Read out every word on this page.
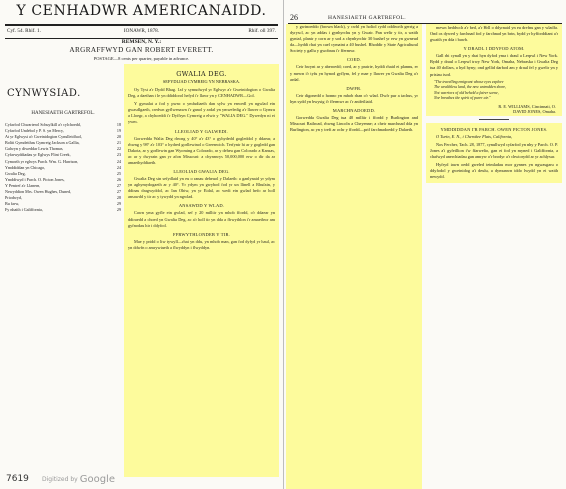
Y CENHADWR AMERICANAIDD.
Cyf. 54. Rhif. 1.	IONAWR, 1878.	Rhif. oll 397.
REMSEN, N. Y.:
ARGRAFFWYD GAN ROBERT EVERETT.
POSTAGE—8 cents per quarter, payable in advance.
CYNWYSIAD.
HANESIAETH GARTREFOL.
Cyfarfod Chwarterol Schuylkill a'r cylchoedd,	18
Cyfarfod Undebol y P. S. yn Mercy,	19
At yr Eglwysi a'r Gweinidogion Cynulleidfaol,	20
Boliti Gymdeithas Gymreig Jackson a Gallia,	21
Galwyn y diweddar Lewis Thomas,	22
Cyfarwyddiadau yr Eglwys Flint Creek,	23
Cymorth yr eglwys Parch. Wm. G. Harrison,	24
Ymddiddan yn Chicago,	24
Gwalia Deg,	25
Ymddiwyd i Parch. O. Picton Jones,	26
Y Pentref a'r Llanern,	27
Newyddion Mrs. Owen Hughes, Duned,	27
Priodwyd,	28
Bu farw,	29
Fy nhaith i Galiffornia,	29
GWALIA DEG.
SEFYDLIAD CYMREIG YN NEBRASKA.
Oy Tyst a'r Dydd Bhag. 1af y symudwyd yr Eglwyr a'r Gweinidogion o Gwalia Deg, a daethan i le yn ddiddorol hefyd i'r llawr yn y CENHADWR—Gol.
Y gymalat a fod y pwnc o ymfudiaeth dan sylw yn enwedl yn ngwlad ein gwasdlgaeth, credwn gyflwenawn i'r ganol y ardal yn ymweledig a'r llawer o Gymru a Lloegr, a chyhoeddi i'r Dyffryn Cymreig a elwir y "WALIA DEG." Dywedyn ni ei ywm.
LLEOLIAD Y GALWEDI.
Gorwedda Walia Deg rhwng y 40° a'r 43° o gyhydedd gogleddol y ddaear, a rhwng y 98° a'r 103° o hydred gorllewinol o Greenwich. Terfynir hi ar y gogledd gan Dakota, ar y gorllewin gan Wyoming a Colorado, ar y deheu gan Colorado a Kansas, ac ar y dwyrain gan yr afon Missouri: a chynnwys 50,000,000 erw o dir da ar amaethyddiaeth.
LLEOLIAD GWALIA DEG.
Gwalia Deg sin sefydlaid yn eu o ranau deheuol y Dalaeth: a ganlynaid yr ydym yn aghymydogaeth ar y 40°. Yr ydym yn gwybod fod yr un llinell a Rhufain, y ddinas dragwyddol, ac Ian Ohiw, yn yr Eidal, ac wedi ein gwlad hefo ar holl ansawdd y tir ac y tywydd yn ngwlad.
ANSAWDD Y WLAD.
Cawn yma gyfle ein gwlad, sef y 20 milltir yn mhob ffordd, o'r ddaear yn ddiraedd a choed yn Gwalia Deg, ac a'r holl tir yn dda a ffrwythlon i'r amaethwr am gyfnodau hir i ddyfod.
FFRWYTHLONDEB Y TIR.
Mae y pridd o liw tywyll—rhai yn ddu, yn mhob man, gan fod dyfyd yr haul, ac yn ddwfn o amrywiaeth a flwyddyn i flwyddyn.
7619 Digitized by Google
26	HANESIAETH GARTREFOL.
y gwinoeddo (brown black), y cwbl yn holiol rydd oddiwrth gerrig a dyryscl, ac yn addas i gynhyrchu yn y Gwair. Pan welir y tir, a waith gyntaf, planir y corn ar y sod a chynhyrchir 30 bushel yr erw yn gwneud da—hyddi rhai yn cael cymaint a 40 bushel. Rhoddir y State Agricultural Society y gallu y gwobrau i'r ffermwr.
COED.
Ceir hwynt ar y aberoedd; coed, ar y prairie, hyddi rhaid ei plannu, er y mewn i'r tyfu yn hynod gyflym, fel y mae y llawer yn Gwalia Deg a'r ardal.
DWFR.
Ceir digonedd o honno yn mhob rhan o'r wlad. Dwfr pur a iachus, yr hyn sydd yn bwysig i'r ffermwr ac i'r anifeiliaid.
MARCHNADOEDD.
Gorwedda Gwalia Deg tua 40 milltir i ffordd y Burlington and Missouri Railroad, rhwng Lincoln a Cheyenne; a cheir marchnad dda yn Burlington, ac yn y trefi ar ochr y ffordd—prif farchnadoedd y Dalaeth.
mewn heddwch a'r bed, a'r Hrll o ddyrnaid yn eu drefnu gan y wladfa. Ond os dywed y farchnad fod y farchnad yn brin, bydd yr hyfforddiant a'r gwaith yn dda i bawb.
Y DRADL I DDYFOD ATOM.
Gall rhi cynall yn y rhai hyn dyfod yma i draul a Lerpwl i New York. Bydd y draul o Lerpwl trwy New York, Omaha, Nebraska i Gwalia Deg tua 40 dollars, a hyd hyny; ond gellid darbod am y draul fel y gwelir yn y prisiau isod.
"The travelling emigrant whose eyes explore
The wealthless land, the new untrodden shore,
Not warriors of old beheld a fairer scene,
Nor breathes the spirit of purer air."
R. E. WILLIAMS, Cincinnati, O.
DAVID JONES, Omaha.
YMDDIDDAN I'R PARCH. OWEN PICTON JONES.
O Turin, E. N., i Cherokee Flats, California,
Nos Fercher, Tach. 28, 1877, cynullwyd cyfarfod yn nhy y Parch. O. P. Jones a'i gyfeillion i'w ffarwelio, gan ei fod yn myned i Galiffornia, a chafwyd anerchiadau gan amryw o'r brodyr a'r chwiorydd ar yr achlysur.
Hyfryd iawn oedd gweled teimladau mor gynnes yn ngwasgaru o ddyfodol y gweinidog a'i deulu, a dymunwn iddo lwydd yn ei waith newydd.
